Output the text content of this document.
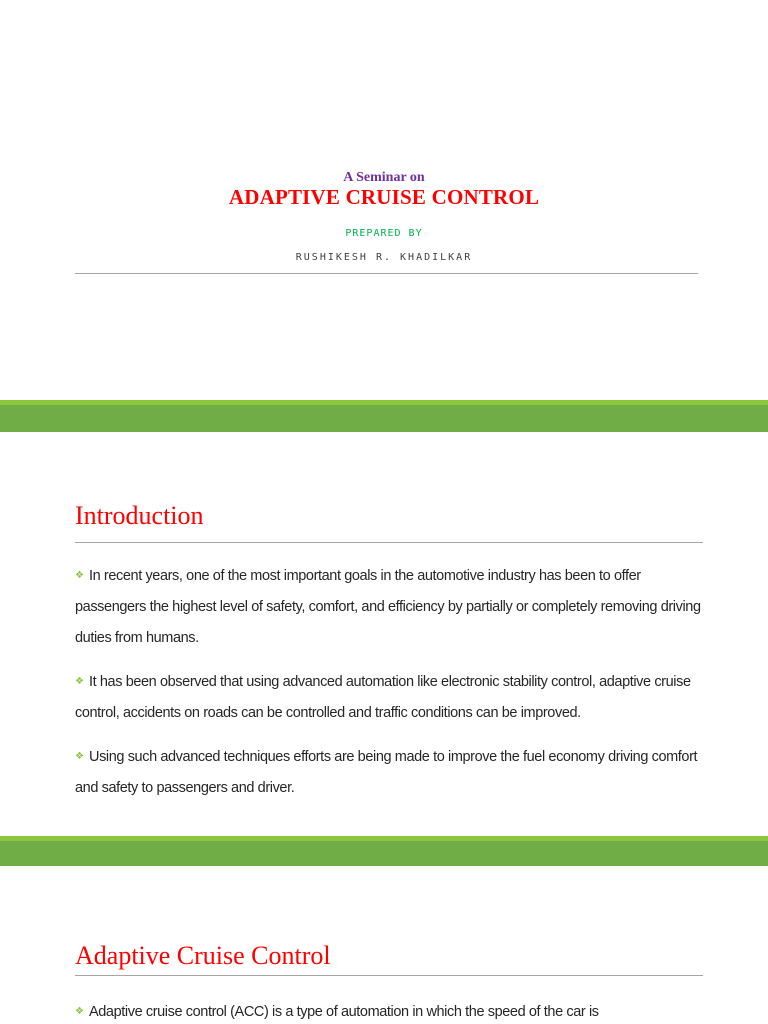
A Seminar on
ADAPTIVE CRUISE CONTROL
PREPARED BY
RUSHIKESH R. KHADILKAR
Introduction
❖ In recent years, one of the most important goals in the automotive industry has been to offer passengers the highest level of safety, comfort, and efficiency by partially or completely removing driving duties from humans.
❖ It has been observed that using advanced automation like electronic stability control, adaptive cruise control, accidents on roads can be controlled and traffic conditions can be improved.
❖ Using such advanced techniques efforts are being made to improve the fuel economy driving comfort and safety to passengers and driver.
Adaptive Cruise Control
❖ Adaptive cruise control (ACC) is a type of automation in which the speed of the car is
